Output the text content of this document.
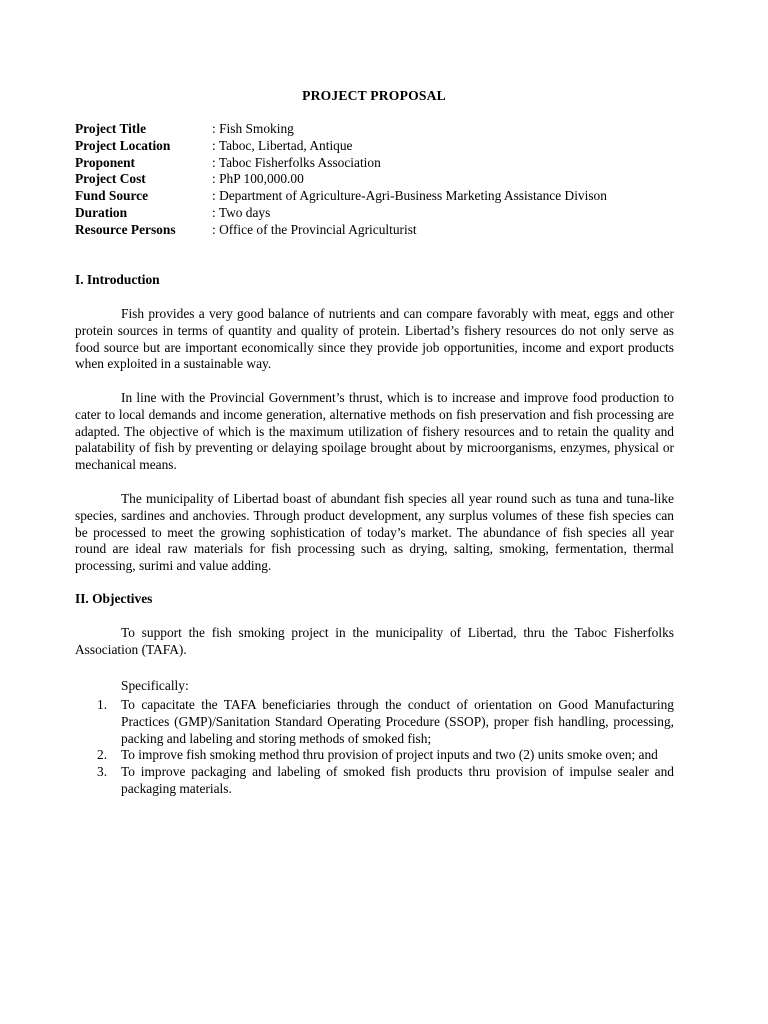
PROJECT PROPOSAL
Project Title	: Fish Smoking
Project Location	: Taboc, Libertad, Antique
Proponent	: Taboc Fisherfolks Association
Project Cost	: PhP 100,000.00
Fund Source	: Department of Agriculture-Agri-Business Marketing Assistance Divison
Duration	: Two days
Resource Persons	: Office of the Provincial Agriculturist
I. Introduction

Fish provides a very good balance of nutrients and can compare favorably with meat, eggs and other protein sources in terms of quantity and quality of protein. Libertad’s fishery resources do not only serve as food source but are important economically since they provide job opportunities, income and export products when exploited in a sustainable way.

In line with the Provincial Government’s thrust, which is to increase and improve food production to cater to local demands and income generation, alternative methods on fish preservation and fish processing are adapted. The objective of which is the maximum utilization of fishery resources and to retain the quality and palatability of fish by preventing or delaying spoilage brought about by microorganisms, enzymes, physical or mechanical means.

The municipality of Libertad boast of abundant fish species all year round such as tuna and tuna-like species, sardines and anchovies. Through product development, any surplus volumes of these fish species can be processed to meet the growing sophistication of today’s market. The abundance of fish species all year round are ideal raw materials for fish processing such as drying, salting, smoking, fermentation, thermal processing, surimi and value adding.

II. Objectives

To support the fish smoking project in the municipality of Libertad, thru the Taboc Fisherfolks Association (TAFA).

Specifically:

1.	To capacitate the TAFA beneficiaries through the conduct of orientation on Good Manufacturing Practices (GMP)/Sanitation Standard Operating Procedure (SSOP), proper fish handling, processing, packing and labeling and storing methods of smoked fish;
2.	To improve fish smoking method thru provision of project inputs and two (2) units smoke oven; and
3.	To improve packaging and labeling of smoked fish products thru provision of impulse sealer and packaging materials.
